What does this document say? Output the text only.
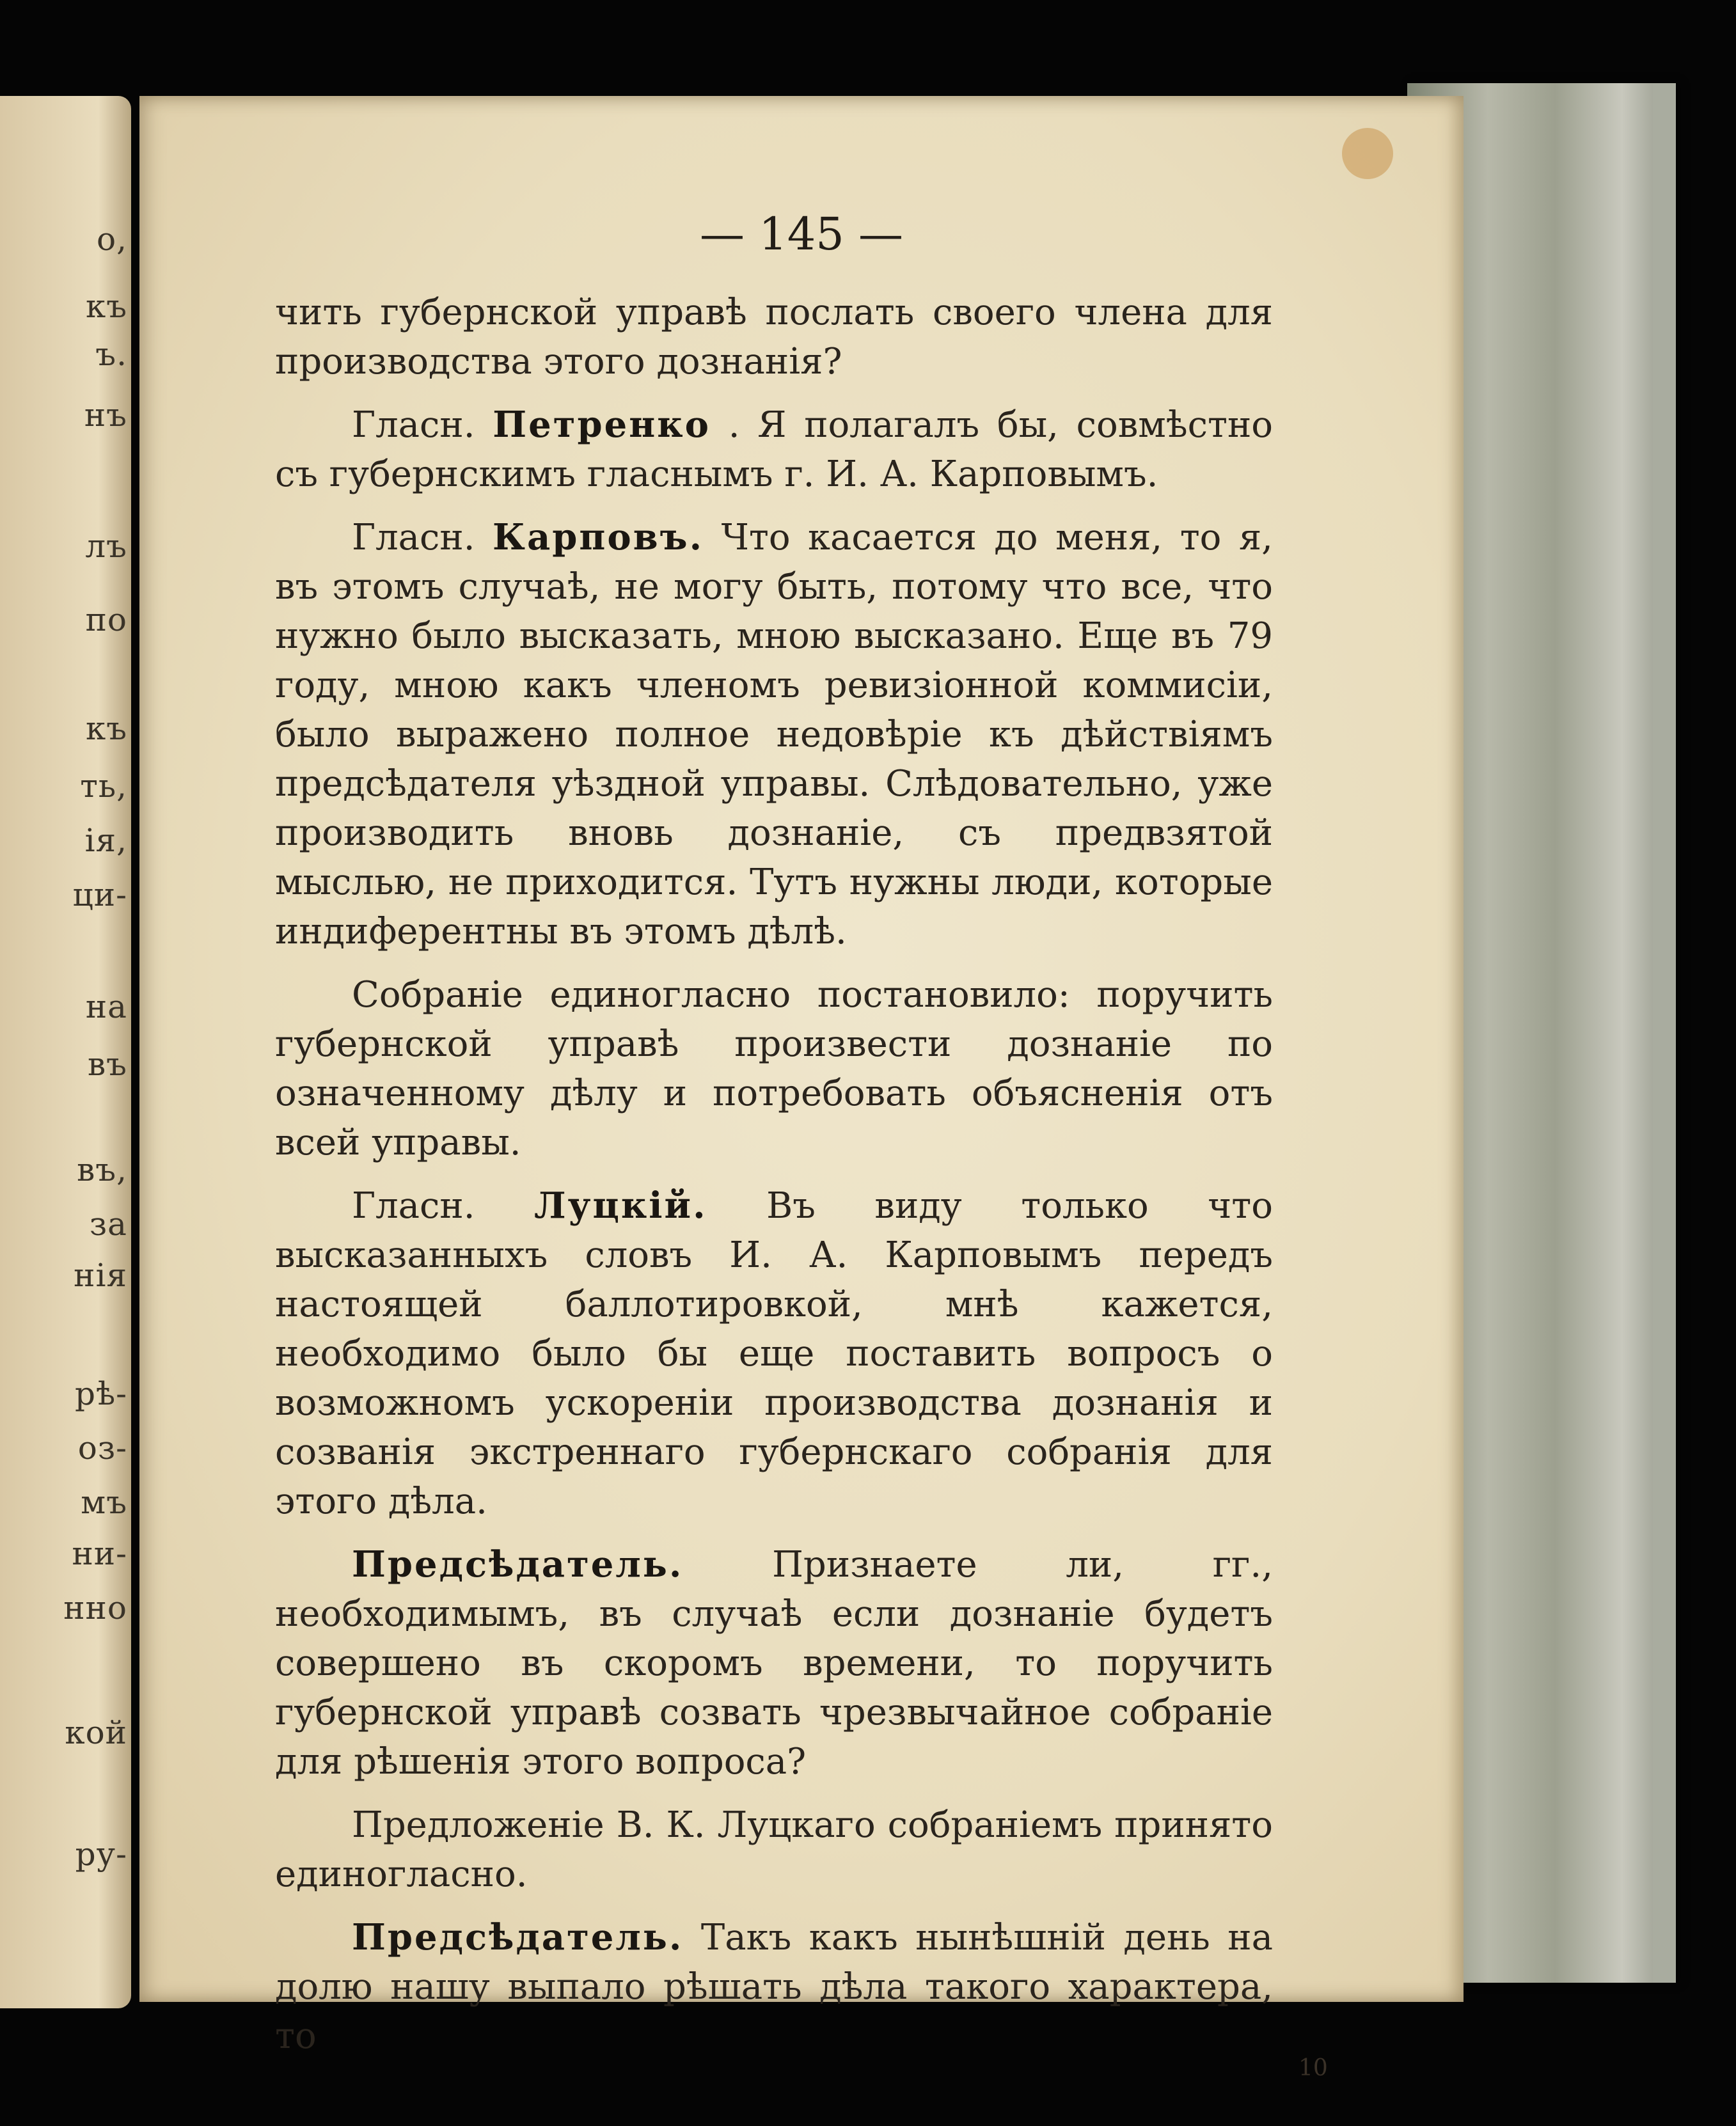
о,
къ
ъ.
нъ
лъ
по
къ
ть,
ія,
ци-
на
въ
въ,
за
нія
рѣ-
оз-
мъ
ни-
нно
кой
ру-
— 145 —

чить губернской управѣ послать своего члена для производства этого дознанія?

Гласн. Петренко . Я полагалъ бы, совмѣстно съ губернскимъ гласнымъ г. И. А. Карповымъ.

Гласн. Карповъ. Что касается до меня, то я, въ этомъ случаѣ, не могу быть, потому что все, что нужно было высказать, мною высказано. Еще въ 79 году, мною какъ членомъ ревизіонной коммисіи, было выражено полное недовѣріе къ дѣйствіямъ предсѣдателя уѣздной управы. Слѣдовательно, уже производить вновь дознаніе, съ предвзятой мыслью, не приходится. Тутъ нужны люди, которые индиферентны въ этомъ дѣлѣ.

Собраніе единогласно постановило: поручить губернской управѣ произвести дознаніе по означенному дѣлу и потребовать объясненія отъ всей управы.

Гласн. Луцкій. Въ виду только что высказанныхъ словъ И. А. Карповымъ передъ настоящей баллотировкой, мнѣ кажется, необходимо было бы еще поставить вопросъ о возможномъ ускореніи производства дознанія и созванія экстреннаго губернскаго собранія для этого дѣла.

Предсѣдатель. Признаете ли, гг., необходимымъ, въ случаѣ если дознаніе будетъ совершено въ скоромъ времени, то поручить губернской управѣ созвать чрезвычайное собраніе для рѣшенія этого вопроса?

Предложеніе В. К. Луцкаго собраніемъ принято единогласно.

Предсѣдатель. Такъ какъ нынѣшній день на долю нашу выпало рѣшать дѣла такого характера, то

10
